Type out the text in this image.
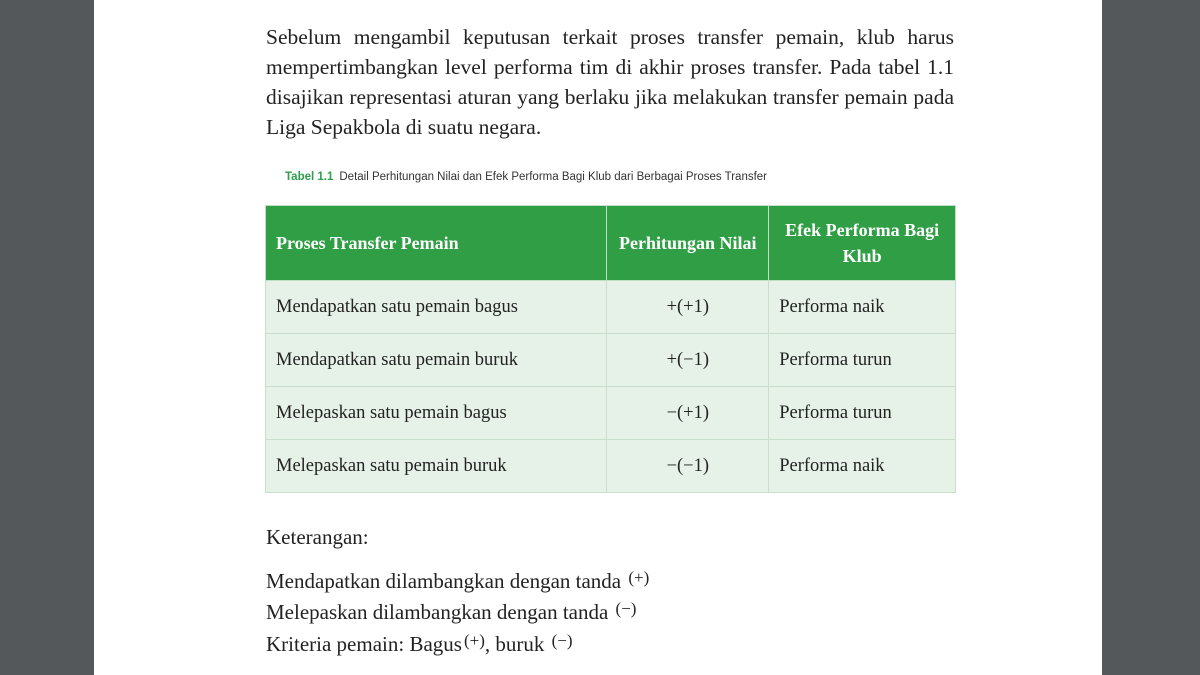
Sebelum mengambil keputusan terkait proses transfer pemain, klub harus mempertimbangkan level performa tim di akhir proses transfer. Pada tabel 1.1 disajikan representasi aturan yang berlaku jika melakukan transfer pemain pada Liga Sepakbola di suatu negara.

Tabel 1.1 Detail Perhitungan Nilai dan Efek Performa Bagi Klub dari Berbagai Proses Transfer
Proses Transfer Pemain	Perhitungan Nilai	Efek Performa Bagi Klub
Mendapatkan satu pemain bagus	+(+1)	Performa naik
Mendapatkan satu pemain buruk	+(−1)	Performa turun
Melepaskan satu pemain bagus	−(+1)	Performa turun
Melepaskan satu pemain buruk	−(−1)	Performa naik
Keterangan:
Mendapatkan dilambangkan dengan tanda (+)
Melepaskan dilambangkan dengan tanda (−)
Kriteria pemain: Bagus (+), buruk (−)
